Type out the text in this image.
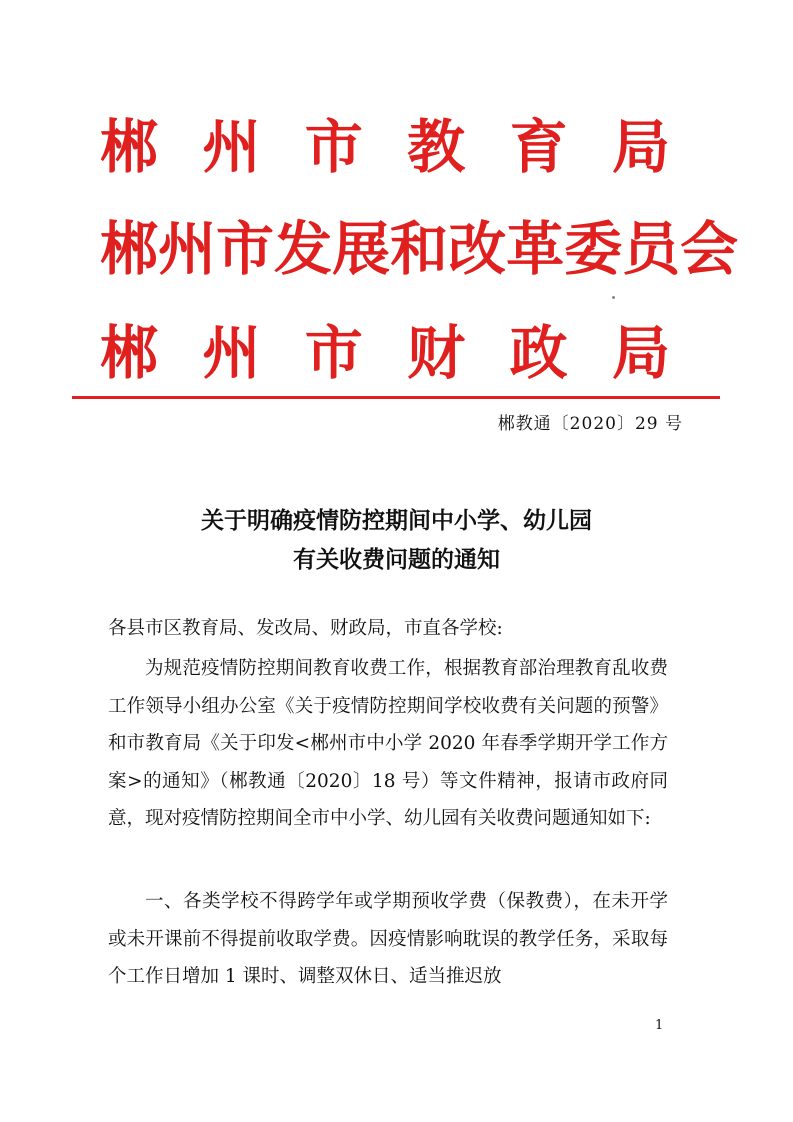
郴 州 市 教 育 局
郴 州 市 发 展 和 改 革 委 员 会
郴 州 市 财 政 局
郴教通〔2020〕29 号
关于明确疫情防控期间中小学、幼儿园
有关收费问题的通知
各县市区教育局、发改局、财政局，市直各学校:
为规范疫情防控期间教育收费工作，根据教育部治理教育乱收费工作领导小组办公室《关于疫情防控期间学校收费有关问题的预警》和市教育局《关于印发<郴州市中小学 2020 年春季学期开学工作方案>的通知》（郴教通〔2020〕18 号）等文件精神，报请市政府同意，现对疫情防控期间全市中小学、幼儿园有关收费问题通知如下:
一、各类学校不得跨学年或学期预收学费（保教费），在未开学或未开课前不得提前收取学费。因疫情影响耽误的教学任务，采取每个工作日增加 1 课时、调整双休日、适当推迟放
1
